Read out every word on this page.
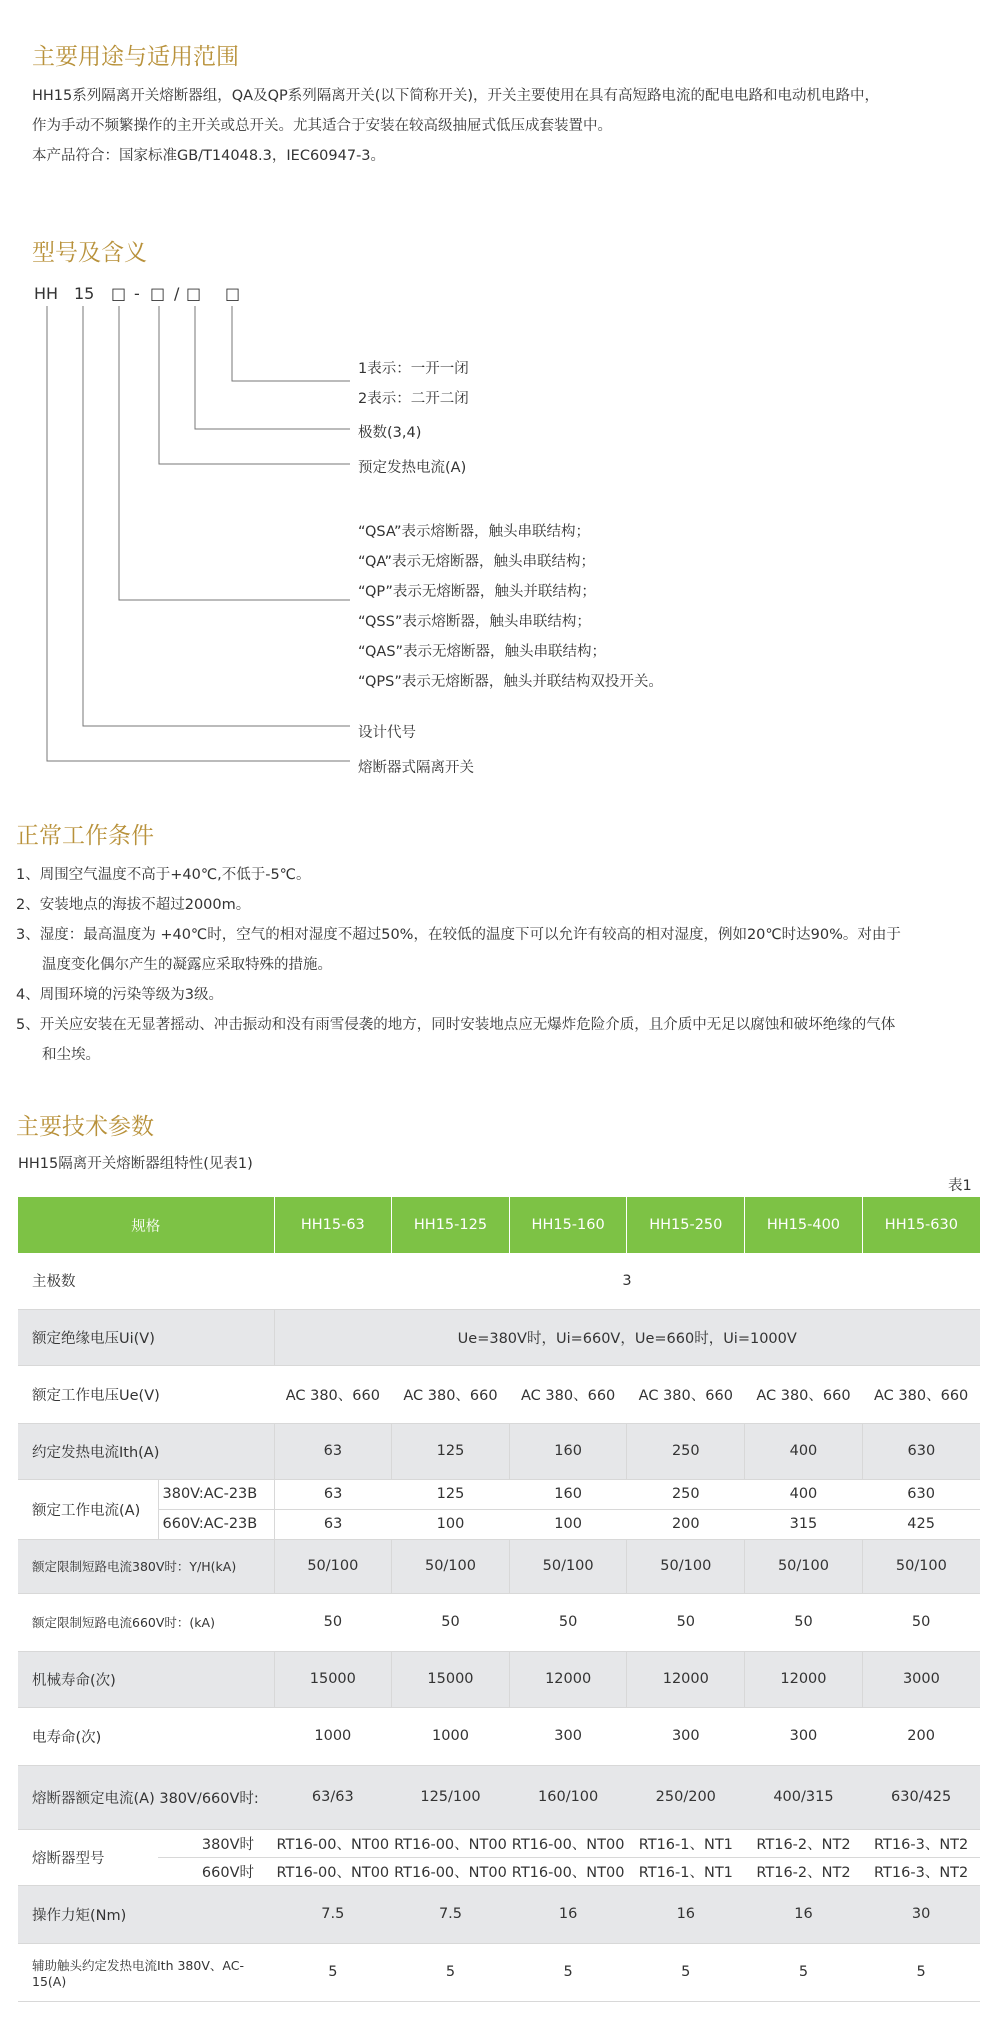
主要用途与适用范围
HH15系列隔离开关熔断器组，QA及QP系列隔离开关(以下简称开关)，开关主要使用在具有高短路电流的配电电路和电动机电路中，
作为手动不频繁操作的主开关或总开关。尤其适合于安装在较高级抽屉式低压成套装置中。
本产品符合：国家标准GB/T14048.3，IEC60947-3。
型号及含义
HH 15 □ - □ / □ □
1表示：一开一闭
2表示：二开二闭
极数(3,4)
预定发热电流(A)
“QSA”表示熔断器，触头串联结构；
“QA”表示无熔断器，触头串联结构；
“QP”表示无熔断器，触头并联结构；
“QSS”表示熔断器，触头串联结构；
“QAS”表示无熔断器，触头串联结构；
“QPS”表示无熔断器，触头并联结构双投开关。
设计代号
熔断器式隔离开关
正常工作条件
1、周围空气温度不高于+40℃,不低于-5℃。
2、安装地点的海拔不超过2000m。
3、湿度：最高温度为 +40℃时，空气的相对湿度不超过50%，在较低的温度下可以允许有较高的相对湿度，例如20℃时达90%。对由于
温度变化偶尔产生的凝露应采取特殊的措施。
4、周围环境的污染等级为3级。
5、开关应安装在无显著摇动、冲击振动和没有雨雪侵袭的地方，同时安装地点应无爆炸危险介质，且介质中无足以腐蚀和破坏绝缘的气体
和尘埃。
主要技术参数
HH15隔离开关熔断器组特性(见表1)
表1
规格		HH15-63	HH15-125	HH15-160	HH15-250	HH15-400	HH15-630
主极数		3					
额定绝缘电压Ui(V)		Ue=380V时，Ui=660V，Ue=660时，Ui=1000V					
额定工作电压Ue(V)		AC 380、660	AC 380、660	AC 380、660	AC 380、660	AC 380、660	AC 380、660
约定发热电流Ith(A)		63	125	160	250	400	630
额定工作电流(A)	380V:AC-23B	63	125	160	250	400	630
	660V:AC-23B	63	100	100	200	315	425
额定限制短路电流380V时：Y/H(kA)		50/100	50/100	50/100	50/100	50/100	50/100
额定限制短路电流660V时：(kA)		50	50	50	50	50	50
机械寿命(次)		15000	15000	12000	12000	12000	3000
电寿命(次)		1000	1000	300	300	300	200
熔断器额定电流(A) 380V/660V时:		63/63	125/100	160/100	250/200	400/315	630/425
熔断器型号	380V时	RT16-00、NT00	RT16-00、NT00	RT16-00、NT00	RT16-1、NT1	RT16-2、NT2	RT16-3、NT2
	660V时	RT16-00、NT00	RT16-00、NT00	RT16-00、NT00	RT16-1、NT1	RT16-2、NT2	RT16-3、NT2
操作力矩(Nm)		7.5	7.5	16	16	16	30
辅助触头约定发热电流Ith 380V、AC-15(A)		5	5	5	5	5	5
